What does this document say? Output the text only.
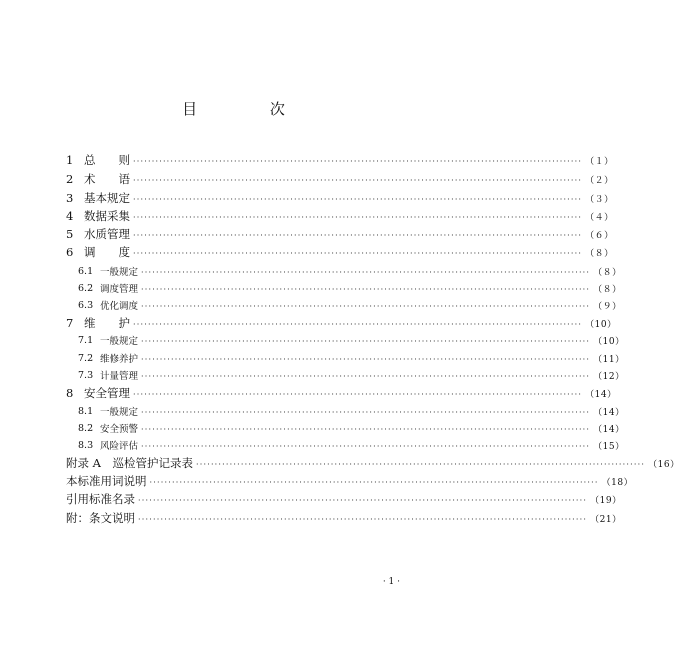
目 次
1 总　　则 ························································································································ （１）
2 术　　语 ························································································································ （２）
3 基本规定 ························································································································ （３）
4 数据采集 ························································································································ （４）
5 水质管理 ························································································································ （６）
6 调　　度 ························································································································ （８）
6.1 一般规定 ························································································································ （８）
6.2 调度管理 ························································································································ （８）
6.3 优化调度 ························································································································ （９）
7 维　　护 ························································································································ （10）
7.1 一般规定 ························································································································ （10）
7.2 维修养护 ························································································································ （11）
7.3 计量管理 ························································································································ （12）
8 安全管理 ························································································································ （14）
8.1 一般规定 ························································································································ （14）
8.2 安全预警 ························································································································ （14）
8.3 风险评估 ························································································································ （15）
附录 A　巡检管护记录表 ························································································································ （16）
本标准用词说明 ························································································································ （18）
引用标准名录 ························································································································ （19）
附：条文说明 ························································································································ （21）
· 1 ·
